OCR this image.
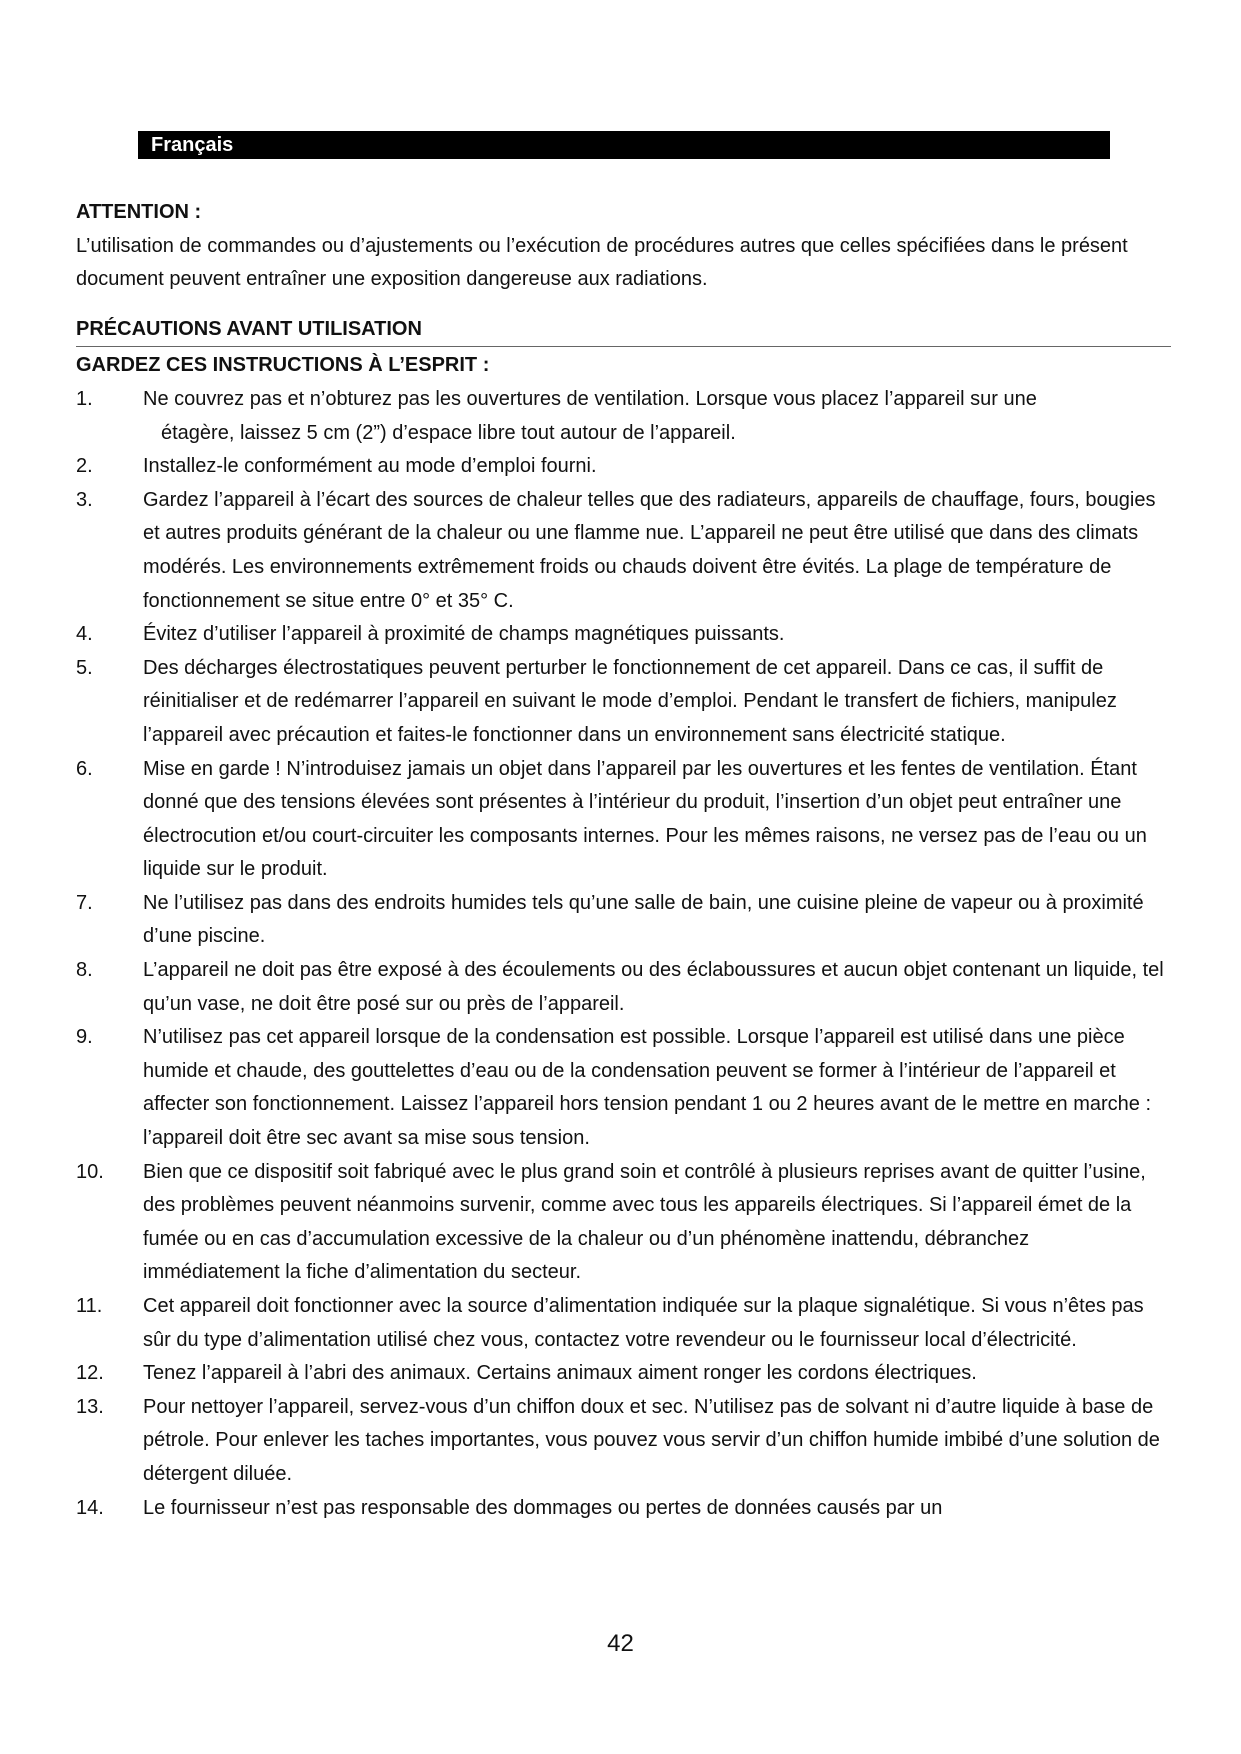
Français

ATTENTION :

L’utilisation de commandes ou d’ajustements ou l’exécution de procédures autres que celles spécifiées dans le présent document peuvent entraîner une exposition dangereuse aux radiations.

PRÉCAUTIONS AVANT UTILISATION

GARDEZ CES INSTRUCTIONS À L’ESPRIT :

1.	Ne couvrez pas et n’obturez pas les ouvertures de ventilation. Lorsque vous placez l’appareil sur une
étagère, laissez 5 cm (2”) d’espace libre tout autour de l’appareil.
2.	Installez-le conformément au mode d’emploi fourni.
3.	Gardez l’appareil à l’écart des sources de chaleur telles que des radiateurs, appareils de chauffage, fours, bougies et autres produits générant de la chaleur ou une flamme nue. L’appareil ne peut être utilisé que dans des climats modérés. Les environnements extrêmement froids ou chauds doivent être évités. La plage de température de fonctionnement se situe entre 0° et 35° C.
4.	Évitez d’utiliser l’appareil à proximité de champs magnétiques puissants.
5.	Des décharges électrostatiques peuvent perturber le fonctionnement de cet appareil. Dans ce cas, il suffit de réinitialiser et de redémarrer l’appareil en suivant le mode d’emploi. Pendant le transfert de fichiers, manipulez l’appareil avec précaution et faites-le fonctionner dans un environnement sans électricité statique.
6.	Mise en garde ! N’introduisez jamais un objet dans l’appareil par les ouvertures et les fentes de ventilation. Étant donné que des tensions élevées sont présentes à l’intérieur du produit, l’insertion d’un objet peut entraîner une électrocution et/ou court-circuiter les composants internes. Pour les mêmes raisons, ne versez pas de l’eau ou un liquide sur le produit.
7.	Ne l’utilisez pas dans des endroits humides tels qu’une salle de bain, une cuisine pleine de vapeur ou à proximité d’une piscine.
8.	L’appareil ne doit pas être exposé à des écoulements ou des éclaboussures et aucun objet contenant un liquide, tel qu’un vase, ne doit être posé sur ou près de l’appareil.
9.	N’utilisez pas cet appareil lorsque de la condensation est possible. Lorsque l’appareil est utilisé dans une pièce humide et chaude, des gouttelettes d’eau ou de la condensation peuvent se former à l’intérieur de l’appareil et affecter son fonctionnement. Laissez l’appareil hors tension pendant 1 ou 2 heures avant de le mettre en marche : l’appareil doit être sec avant sa mise sous tension.
10. Bien que ce dispositif soit fabriqué avec le plus grand soin et contrôlé à plusieurs reprises avant de quitter l’usine, des problèmes peuvent néanmoins survenir, comme avec tous les appareils électriques. Si l’appareil émet de la fumée ou en cas d’accumulation excessive de la chaleur ou d’un phénomène inattendu, débranchez immédiatement la fiche d’alimentation du secteur.
11. Cet appareil doit fonctionner avec la source d’alimentation indiquée sur la plaque signalétique. Si vous n’êtes pas sûr du type d’alimentation utilisé chez vous, contactez votre revendeur ou le fournisseur local d’électricité.
12. Tenez l’appareil à l’abri des animaux. Certains animaux aiment ronger les cordons électriques.
13. Pour nettoyer l’appareil, servez-vous d’un chiffon doux et sec. N’utilisez pas de solvant ni d’autre liquide à base de pétrole. Pour enlever les taches importantes, vous pouvez vous servir d’un chiffon humide imbibé d’une solution de détergent diluée.
14. Le fournisseur n’est pas responsable des dommages ou pertes de données causés par un
42
